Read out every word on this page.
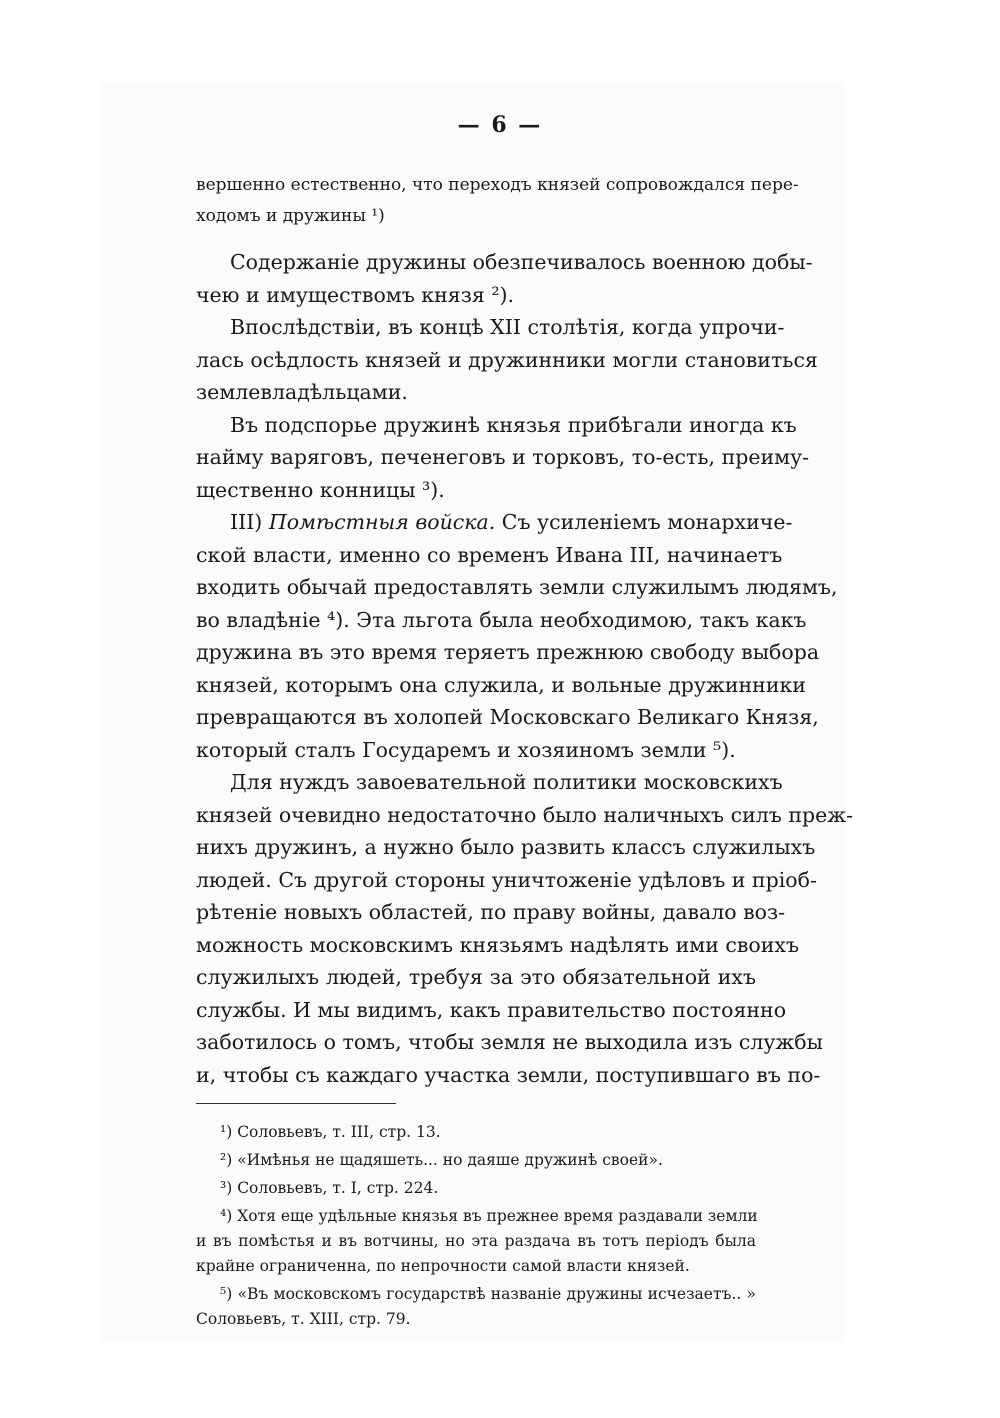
— 6 —
вершенно естественно, что переходъ князей сопровождался пере-
ходомъ и дружины ¹)
Содержаніе дружины обезпечивалось военною добы-
чею и имуществомъ князя ²).
Впослѣдствіи, въ концѣ XII столѣтія, когда упрочи-
лась осѣдлость князей и дружинники могли становиться
землевладѣльцами.
Въ подспорье дружинѣ князья прибѣгали иногда къ
найму варяговъ, печенеговъ и торковъ, то-есть, преиму-
щественно конницы ³).
III) Помѣстныя войска. Съ усиленіемъ монархиче-
ской власти, именно со временъ Ивана III, начинаетъ
входить обычай предоставлять земли служилымъ людямъ,
во владѣніе ⁴). Эта льгота была необходимою, такъ какъ
дружина въ это время теряетъ прежнюю свободу выбора
князей, которымъ она служила, и вольные дружинники
превращаются въ холопей Московскаго Великаго Князя,
который сталъ Государемъ и хозяиномъ земли ⁵).
Для нуждъ завоевательной политики московскихъ
князей очевидно недостаточно было наличныхъ силъ преж-
нихъ дружинъ, а нужно было развить классъ служилыхъ
людей. Съ другой стороны уничтоженіе удѣловъ и пріоб-
рѣтеніе новыхъ областей, по праву войны, давало воз-
можность московскимъ князьямъ надѣлять ими своихъ
служилыхъ людей, требуя за это обязательной ихъ
службы. И мы видимъ, какъ правительство постоянно
заботилось о томъ, чтобы земля не выходила изъ службы
и, чтобы съ каждаго участка земли, поступившаго въ по-
¹) Соловьевъ, т. III, стр. 13.
²) «Имѣнья не щадяшеть... но даяше дружинѣ своей».
³) Соловьевъ, т. I, стр. 224.
⁴) Хотя еще удѣльные князья въ прежнее время раздавали земли
и въ помѣстья и въ вотчины, но эта раздача въ тотъ періодъ была
крайне ограниченна, по непрочности самой власти князей.
⁵) «Въ московскомъ государствѣ названіе дружины исчезаетъ.. »
Соловьевъ, т. XIII, стр. 79.
